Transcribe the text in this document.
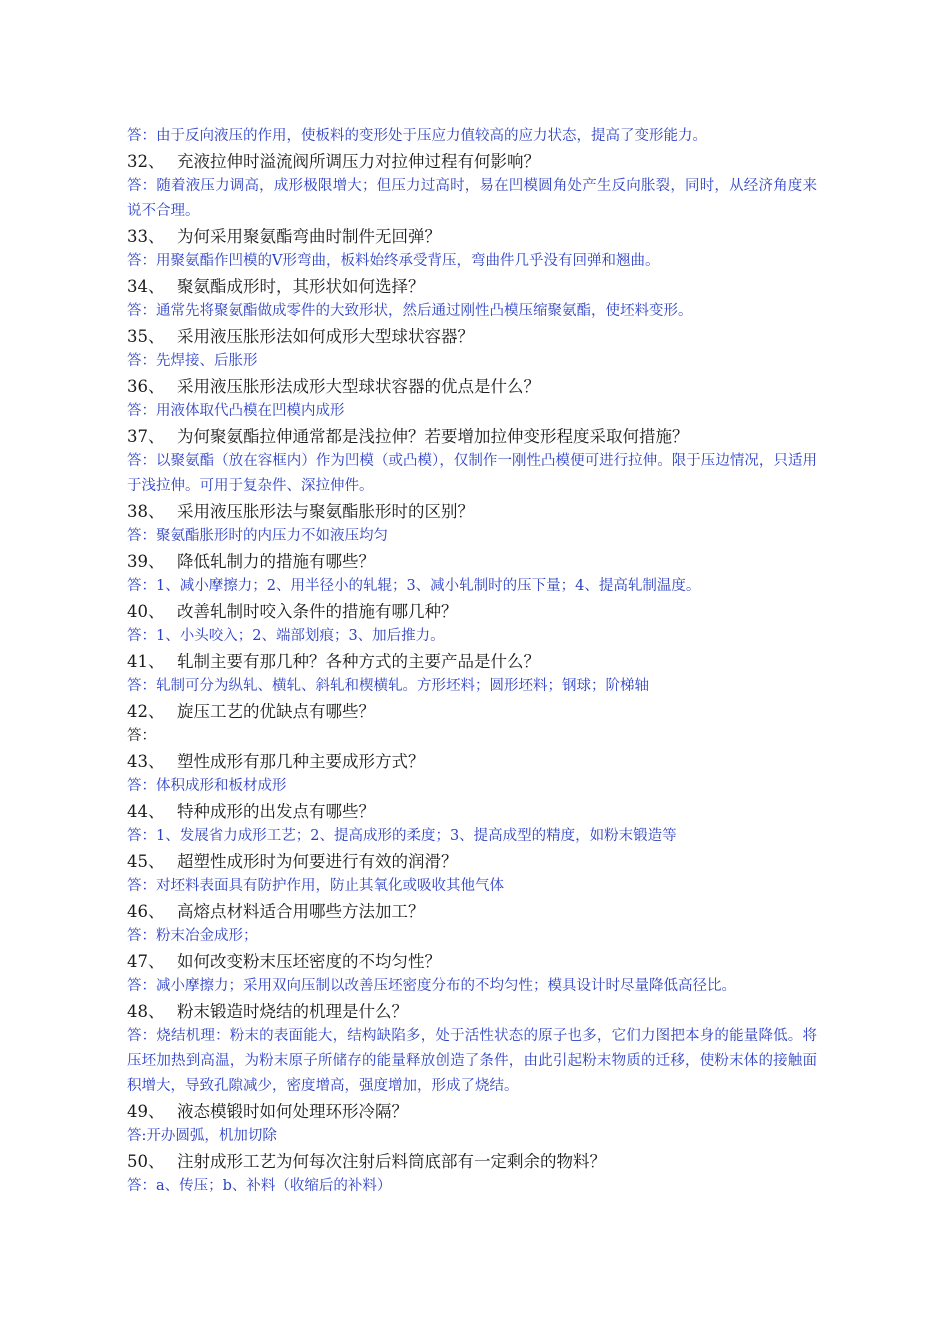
答：由于反向液压的作用，使板料的变形处于压应力值较高的应力状态，提高了变形能力。

32、 充液拉伸时溢流阀所调压力对拉伸过程有何影响？

答：随着液压力调高，成形极限增大；但压力过高时，易在凹模圆角处产生反向胀裂，同时，从经济角度来说不合理。

33、 为何采用聚氨酯弯曲时制件无回弹？

答：用聚氨酯作凹模的V形弯曲，板料始终承受背压，弯曲件几乎没有回弹和翘曲。

34、 聚氨酯成形时，其形状如何选择？

答：通常先将聚氨酯做成零件的大致形状，然后通过刚性凸模压缩聚氨酯，使坯料变形。

35、 采用液压胀形法如何成形大型球状容器？

答：先焊接、后胀形

36、 采用液压胀形法成形大型球状容器的优点是什么？

答：用液体取代凸模在凹模内成形

37、 为何聚氨酯拉伸通常都是浅拉伸？若要增加拉伸变形程度采取何措施？

答：以聚氨酯（放在容框内）作为凹模（或凸模），仅制作一刚性凸模便可进行拉伸。限于压边情况，只适用于浅拉伸。可用于复杂件、深拉伸件。

38、 采用液压胀形法与聚氨酯胀形时的区别？

答：聚氨酯胀形时的内压力不如液压均匀

39、 降低轧制力的措施有哪些？

答：1、减小摩擦力；2、用半径小的轧辊；3、减小轧制时的压下量；4、提高轧制温度。

40、 改善轧制时咬入条件的措施有哪几种？

答：1、小头咬入；2、端部划痕；3、加后推力。

41、 轧制主要有那几种？各种方式的主要产品是什么？

答：轧制可分为纵轧、横轧、斜轧和楔横轧。方形坯料；圆形坯料；钢球；阶梯轴

42、 旋压工艺的优缺点有哪些？

答：

43、 塑性成形有那几种主要成形方式？

答：体积成形和板材成形

44、 特种成形的出发点有哪些？

答：1、发展省力成形工艺；2、提高成形的柔度；3、提高成型的精度，如粉末锻造等

45、 超塑性成形时为何要进行有效的润滑？

答：对坯料表面具有防护作用，防止其氧化或吸收其他气体

46、 高熔点材料适合用哪些方法加工？

答：粉末冶金成形；

47、 如何改变粉末压坯密度的不均匀性？

答：减小摩擦力；采用双向压制以改善压坯密度分布的不均匀性；模具设计时尽量降低高径比。

48、 粉末锻造时烧结的机理是什么？

答：烧结机理：粉末的表面能大，结构缺陷多，处于活性状态的原子也多，它们力图把本身的能量降低。将压坯加热到高温，为粉末原子所储存的能量释放创造了条件，由此引起粉末物质的迁移，使粉末体的接触面积增大，导致孔隙减少，密度增高，强度增加，形成了烧结。

49、 液态模锻时如何处理环形冷隔？

答:开办圆弧，机加切除

50、 注射成形工艺为何每次注射后料筒底部有一定剩余的物料？

答：a、传压；b、补料（收缩后的补料）
